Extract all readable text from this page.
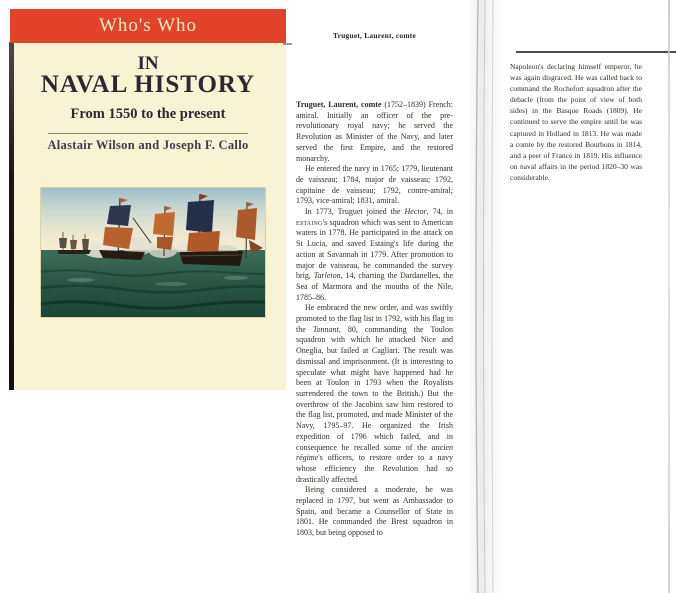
Who's Who
IN
NAVAL HISTORY
From 1550 to the present
Alastair Wilson and Joseph F. Callo
Truguet, Laurent, comte

Truguet, Laurent, comte (1752–1839) French: amiral. Initially an officer of the pre-revolutionary royal navy; he served the Revolution as Minister of the Navy, and later served the first Empire, and the restored monarchy.

He entered the navy in 1765; 1779, lieutenant de vaisseau; 1784, major de vaisseau; 1792, capitaine de vaisseau; 1792, contre-amiral; 1793, vice-amiral; 1831, amiral.

In 1773, Truguet joined the Hector, 74, in estaing's squadron which was sent to American waters in 1778. He participated in the attack on St Lucia, and saved Estaing's life during the action at Savannah in 1779. After promotion to major de vaisseau, he commanded the survey brig, Tarleton, 14, charting the Dardanelles, the Sea of Marmora and the mouths of the Nile, 1785–86.

He embraced the new order, and was swiftly promoted to the flag list in 1792, with his flag in the Tonnant, 80, commanding the Toulon squadron with which he attacked Nice and Oneglia, but failed at Cagliari. The result was dismissal and imprisonment. (It is interesting to speculate what might have happened had he been at Toulon in 1793 when the Royalists surrendered the town to the British.) But the overthrow of the Jacobins saw him restored to the flag list, promoted, and made Minister of the Navy, 1795–97. He organized the Irish expedition of 1796 which failed, and in consequence he recalled some of the ancien régime's officers, to restore order to a navy whose efficiency the Revolution had so drastically affected.

Being considered a moderate, he was replaced in 1797, but went as Ambassador to Spain, and became a Counsellor of State in 1801. He commanded the Brest squadron in 1803, but being opposed to

Napoleon's declaring himself emperor, he was again disgraced. He was called back to command the Rochefort squadron after the debacle (from the point of view of both sides) in the Basque Roads (1809). He continued to serve the empire until he was captured in Holland in 1813. He was made a comte by the restored Bourbons in 1814, and a peer of France in 1819. His influence on naval affairs in the period 1820–30 was considerable.
